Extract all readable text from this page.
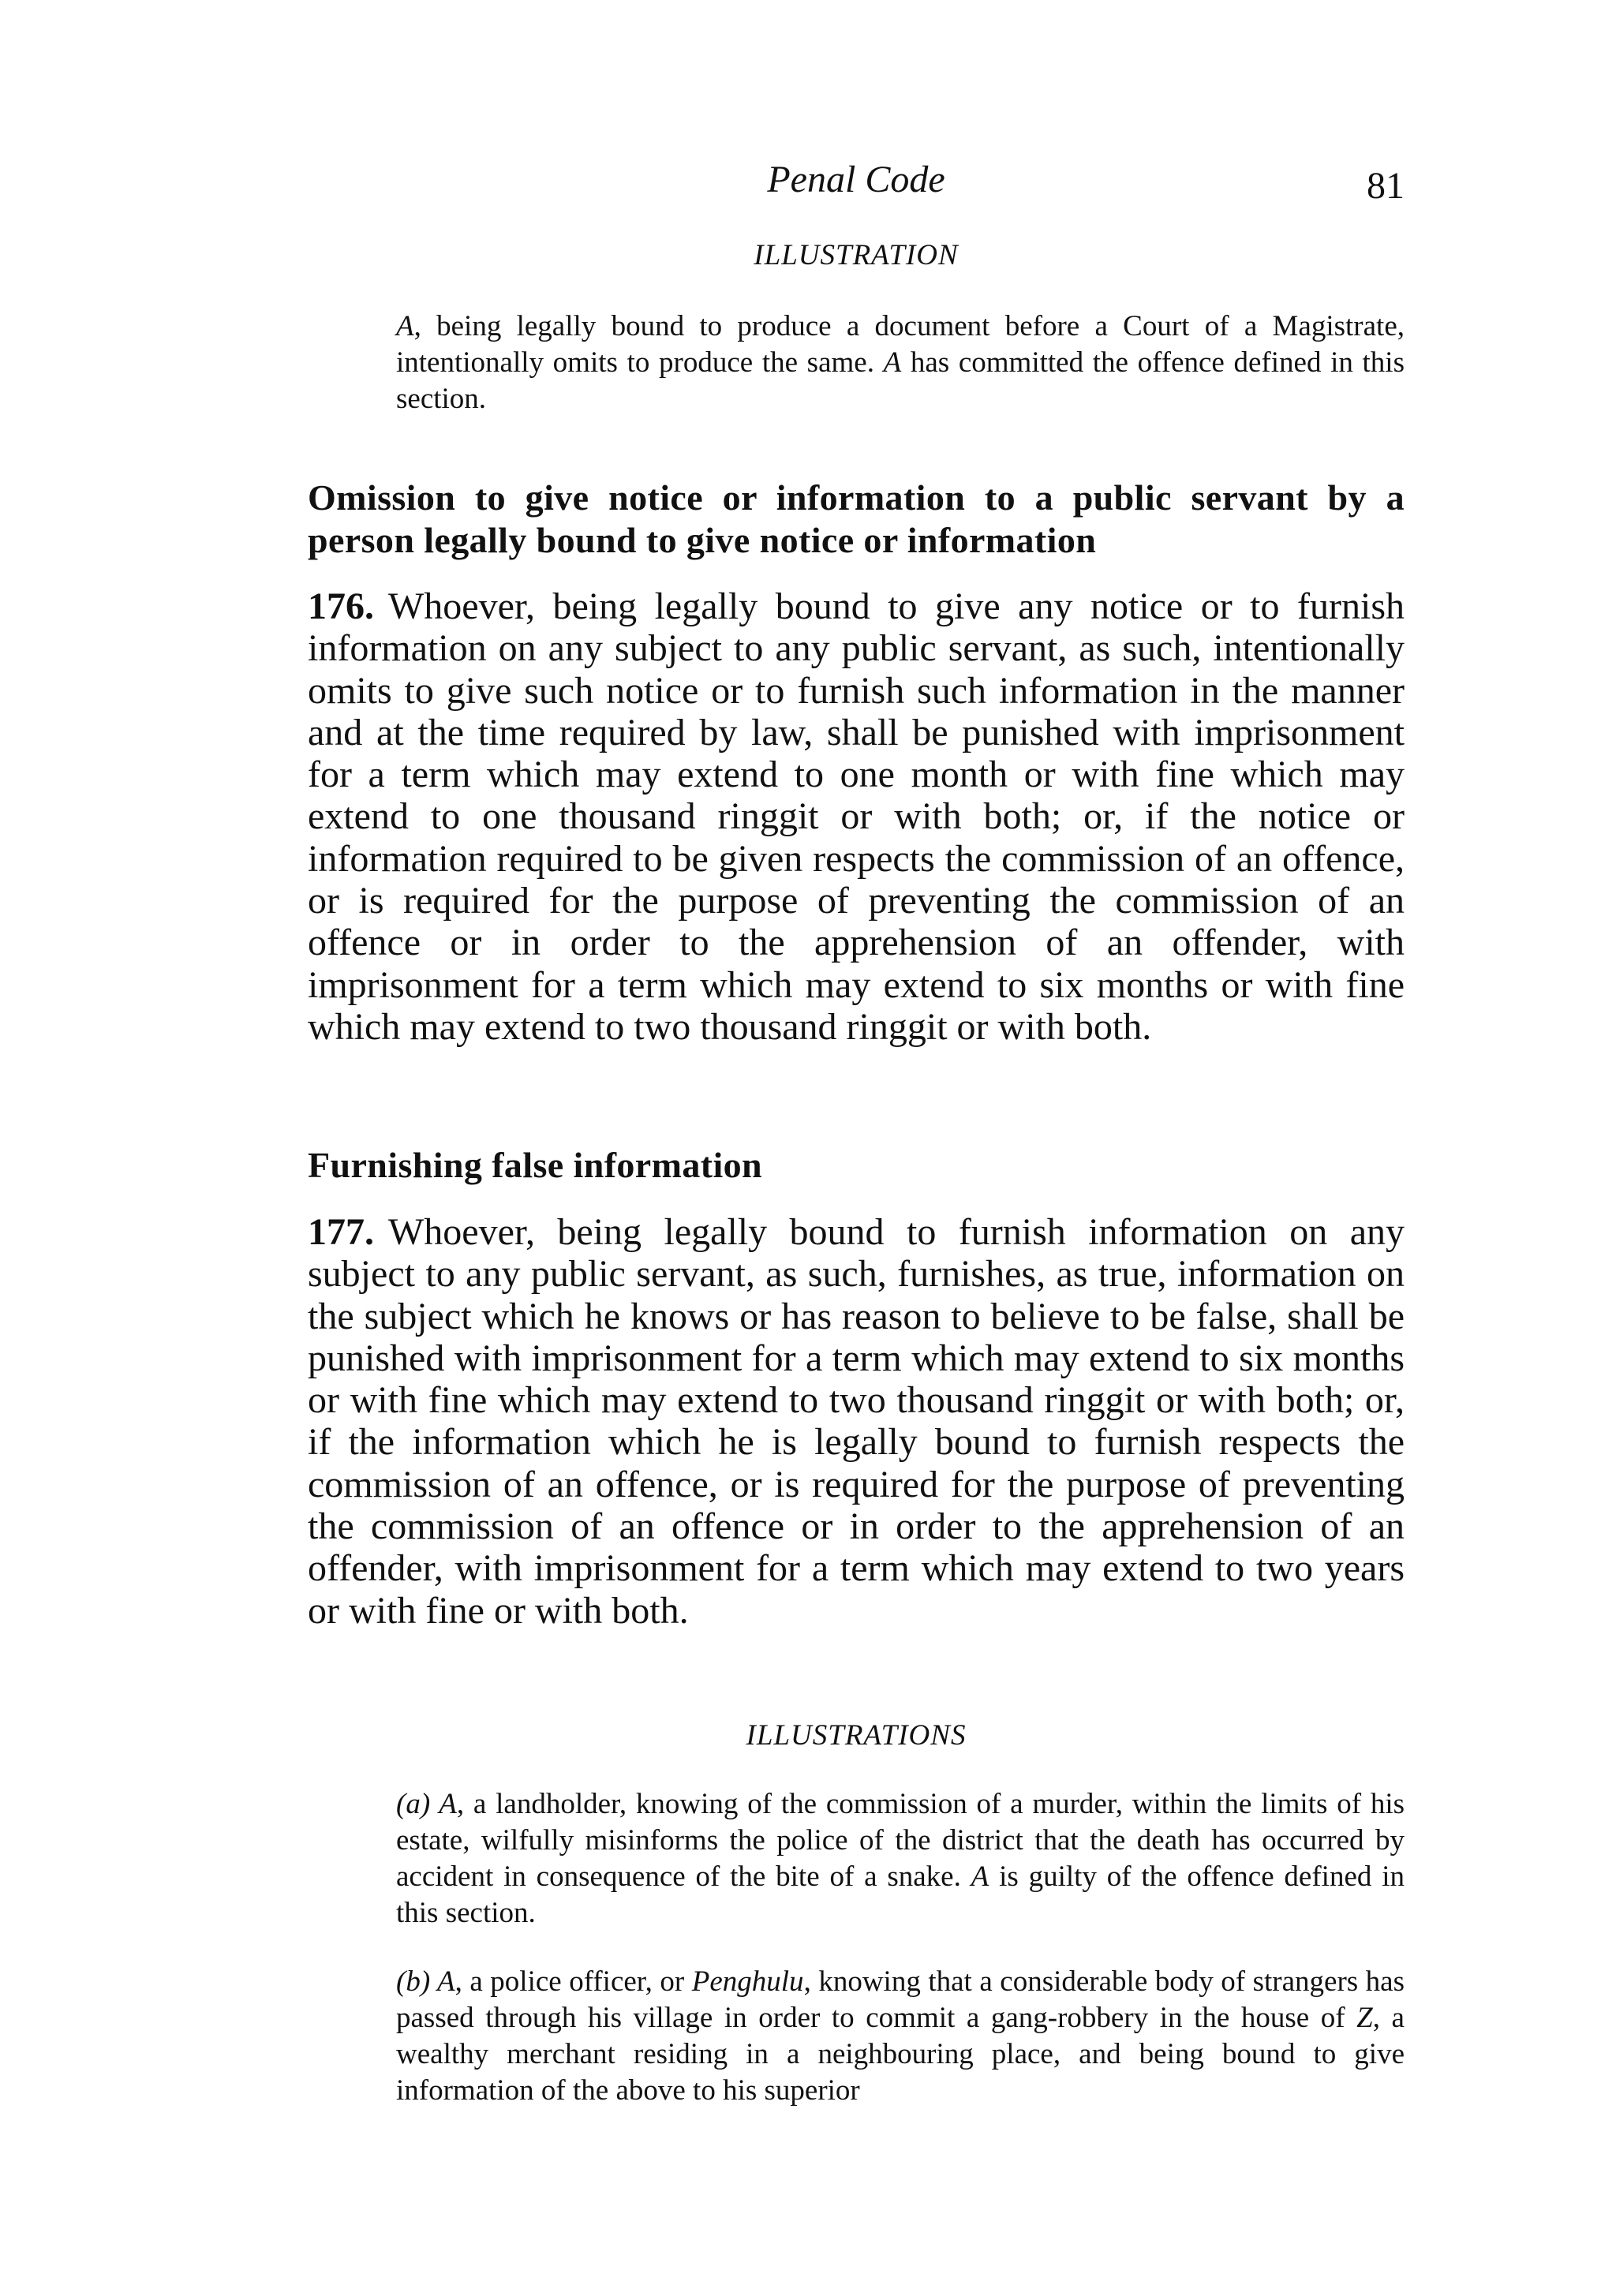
Penal Code	81
ILLUSTRATION

A, being legally bound to produce a document before a Court of a Magistrate, intentionally omits to produce the same. A has committed the offence defined in this section.

Omission to give notice or information to a public servant by a person legally bound to give notice or information

176. Whoever, being legally bound to give any notice or to furnish information on any subject to any public servant, as such, intentionally omits to give such notice or to furnish such information in the manner and at the time required by law, shall be punished with imprisonment for a term which may extend to one month or with fine which may extend to one thousand ringgit or with both; or, if the notice or information required to be given respects the commission of an offence, or is required for the purpose of preventing the commission of an offence or in order to the apprehension of an offender, with imprisonment for a term which may extend to six months or with fine which may extend to two thousand ringgit or with both.

Furnishing false information

177. Whoever, being legally bound to furnish information on any subject to any public servant, as such, furnishes, as true, information on the subject which he knows or has reason to believe to be false, shall be punished with imprisonment for a term which may extend to six months or with fine which may extend to two thousand ringgit or with both; or, if the information which he is legally bound to furnish respects the commission of an offence, or is required for the purpose of preventing the commission of an offence or in order to the apprehension of an offender, with imprisonment for a term which may extend to two years or with fine or with both.

ILLUSTRATIONS

(a) A, a landholder, knowing of the commission of a murder, within the limits of his estate, wilfully misinforms the police of the district that the death has occurred by accident in consequence of the bite of a snake. A is guilty of the offence defined in this section.

(b) A, a police officer, or Penghulu, knowing that a considerable body of strangers has passed through his village in order to commit a gang-robbery in the house of Z, a wealthy merchant residing in a neighbouring place, and being bound to give information of the above to his superior
